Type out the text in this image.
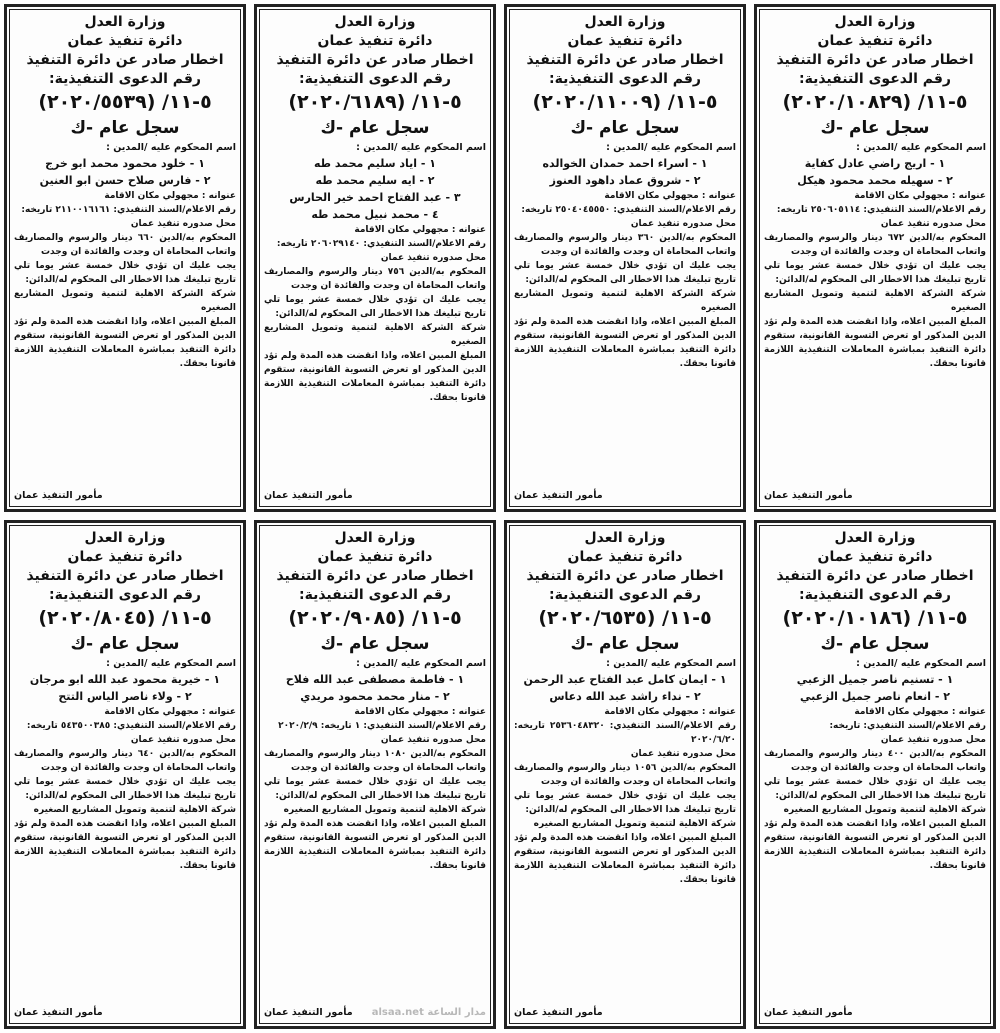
وزارة العدل
دائرة تنفيذ عمان
اخطار صادر عن دائرة التنفيذ
رقم الدعوى التنفيذية:
٥-١١/ (٢٠٢٠/١٠٨٢٩)
سجل عام -ك
اسم المحكوم عليه /المدين :
١ - اريج راضي عادل كفاية
٢ - سهيله محمد محمود هيكل
عنوانه : مجهولي مكان الاقامة
رقم الاعلام/السند التنفيذي: ٢٥٠٦٠٥١١٤ تاريخه:
محل صدوره تنفيذ عمان
المحكوم به/الدين ٦٧٢ دينار والرسوم والمصاريف واتعاب المحاماة ان وجدت والفائدة ان وجدت
يجب عليك ان تؤدي خلال خمسة عشر يوما تلي تاريخ تبليغك هذا الاخطار الى المحكوم له/الدائن:
شركة الشركة الاهلية لتنمية وتمويل المشاريع الصغيره
المبلغ المبين اعلاه، واذا انقضت هذه المدة ولم تؤد الدين المذكور او تعرض التسوية القانونية، ستقوم دائرة التنفيذ بمباشرة المعاملات التنفيذية اللازمة قانونا بحقك.
مأمور التنفيذ عمان
وزارة العدل
دائرة تنفيذ عمان
اخطار صادر عن دائرة التنفيذ
رقم الدعوى التنفيذية:
٥-١١/ (٢٠٢٠/١١٠٠٩)
سجل عام -ك
اسم المحكوم عليه /المدين :
١ - اسراء احمد حمدان الخوالده
٢ - شروق عماد داهود العنوز
عنوانه : مجهولي مكان الاقامة
رقم الاعلام/السند التنفيذي: ٢٥٠٤٠٤٥٥٥٠ تاريخه:
محل صدوره تنفيذ عمان
المحكوم به/الدين ٣٦٠ دينار والرسوم والمصاريف واتعاب المحاماة ان وجدت والفائدة ان وجدت
يجب عليك ان تؤدي خلال خمسة عشر يوما تلي تاريخ تبليغك هذا الاخطار الى المحكوم له/الدائن:
شركة الشركة الاهلية لتنمية وتمويل المشاريع الصغيره
المبلغ المبين اعلاه، واذا انقضت هذه المدة ولم تؤد الدين المذكور او تعرض التسوية القانونية، ستقوم دائرة التنفيذ بمباشرة المعاملات التنفيذية اللازمة قانونا بحقك.
مأمور التنفيذ عمان
وزارة العدل
دائرة تنفيذ عمان
اخطار صادر عن دائرة التنفيذ
رقم الدعوى التنفيذية:
٥-١١/ (٢٠٢٠/٦١٨٩)
سجل عام -ك
اسم المحكوم عليه /المدين :
١ - اياد سليم محمد طه
٢ - ايه سليم محمد طه
٣ - عبد الفتاح احمد خير الحارس
٤ - محمد نبيل محمد طه
عنوانه : مجهولي مكان الاقامة
رقم الاعلام/السند التنفيذي: ٢٠٦٠٢٩١٤٠ تاريخه:
محل صدوره تنفيذ عمان
المحكوم به/الدين ٧٥٦ دينار والرسوم والمصاريف واتعاب المحاماة ان وجدت والفائدة ان وجدت
يجب عليك ان تؤدي خلال خمسة عشر يوما تلي تاريخ تبليغك هذا الاخطار الى المحكوم له/الدائن:
شركة الشركة الاهلية لتنمية وتمويل المشاريع الصغيره
المبلغ المبين اعلاه، واذا انقضت هذه المدة ولم تؤد الدين المذكور او تعرض التسوية القانونية، ستقوم دائرة التنفيذ بمباشرة المعاملات التنفيذية اللازمة قانونا بحقك.
مأمور التنفيذ عمان
وزارة العدل
دائرة تنفيذ عمان
اخطار صادر عن دائرة التنفيذ
رقم الدعوى التنفيذية:
٥-١١/ (٢٠٢٠/٥٥٣٩)
سجل عام -ك
اسم المحكوم عليه /المدين :
١ - خلود محمود محمد ابو خرج
٢ - فارس صلاح حسن ابو العنين
عنوانه : مجهولي مكان الاقامة
رقم الاعلام/السند التنفيذي: ٢١١٠٠١٦١٦١ تاريخه:
محل صدوره تنفيذ عمان
المحكوم به/الدين ٦٦٠ دينار والرسوم والمصاريف واتعاب المحاماة ان وجدت والفائدة ان وجدت
يجب عليك ان تؤدي خلال خمسة عشر يوما تلي تاريخ تبليغك هذا الاخطار الى المحكوم له/الدائن:
شركة الشركة الاهلية لتنمية وتمويل المشاريع الصغيره
المبلغ المبين اعلاه، واذا انقضت هذه المدة ولم تؤد الدين المذكور او تعرض التسوية القانونية، ستقوم دائرة التنفيذ بمباشرة المعاملات التنفيذية اللازمة قانونا بحقك.
مأمور التنفيذ عمان
وزارة العدل
دائرة تنفيذ عمان
اخطار صادر عن دائرة التنفيذ
رقم الدعوى التنفيذية:
٥-١١/ (٢٠٢٠/١٠١٨٦)
سجل عام -ك
اسم المحكوم عليه /المدين :
١ - تسنيم ناصر جميل الزعبي
٢ - انعام ناصر جميل الزعبي
عنوانه : مجهولي مكان الاقامة
رقم الاعلام/السند التنفيذي: تاريخه:
محل صدوره تنفيذ عمان
المحكوم به/الدين ٤٠٠ دينار والرسوم والمصاريف واتعاب المحاماة ان وجدت والفائدة ان وجدت
يجب عليك ان تؤدي خلال خمسة عشر يوما تلي تاريخ تبليغك هذا الاخطار الى المحكوم له/الدائن:
شركة الاهلية لتنمية وتمويل المشاريع الصغيره
المبلغ المبين اعلاه، واذا انقضت هذه المدة ولم تؤد الدين المذكور او تعرض التسوية القانونية، ستقوم دائرة التنفيذ بمباشرة المعاملات التنفيذية اللازمة قانونا بحقك.
مأمور التنفيذ عمان
وزارة العدل
دائرة تنفيذ عمان
اخطار صادر عن دائرة التنفيذ
رقم الدعوى التنفيذية:
٥-١١/ (٢٠٢٠/٦٥٣٥)
سجل عام -ك
اسم المحكوم عليه /المدين :
١ - ايمان كامل عبد الفتاح عبد الرحمن
٢ - نداء راشد عبد الله دعاس
عنوانه : مجهولي مكان الاقامة
رقم الاعلام/السند التنفيذي: ٢٥٣٦٠٤٨٣٢٠ تاريخه: ٢٠٢٠/٦/٢٠
محل صدوره تنفيذ عمان
المحكوم به/الدين ١٠٥٦ دينار والرسوم والمصاريف واتعاب المحاماة ان وجدت والفائدة ان وجدت
يجب عليك ان تؤدي خلال خمسة عشر يوما تلي تاريخ تبليغك هذا الاخطار الى المحكوم له/الدائن:
شركة الاهلية لتنمية وتمويل المشاريع الصغيره
المبلغ المبين اعلاه، واذا انقضت هذه المدة ولم تؤد الدين المذكور او تعرض التسوية القانونية، ستقوم دائرة التنفيذ بمباشرة المعاملات التنفيذية اللازمة قانونا بحقك.
مأمور التنفيذ عمان
وزارة العدل
دائرة تنفيذ عمان
اخطار صادر عن دائرة التنفيذ
رقم الدعوى التنفيذية:
٥-١١/ (٢٠٢٠/٩٠٨٥)
سجل عام -ك
اسم المحكوم عليه /المدين :
١ - فاطمة مصطفى عبد الله فلاح
٢ - منار محمد محمود مريدي
عنوانه : مجهولي مكان الاقامة
رقم الاعلام/السند التنفيذي: ١ تاريخه: ٢٠٢٠/٢/٩
محل صدوره تنفيذ عمان
المحكوم به/الدين ١٠٨٠ دينار والرسوم والمصاريف واتعاب المحاماة ان وجدت والفائدة ان وجدت
يجب عليك ان تؤدي خلال خمسة عشر يوما تلي تاريخ تبليغك هذا الاخطار الى المحكوم له/الدائن:
شركة الاهلية لتنمية وتمويل المشاريع الصغيره
المبلغ المبين اعلاه، واذا انقضت هذه المدة ولم تؤد الدين المذكور او تعرض التسوية القانونية، ستقوم دائرة التنفيذ بمباشرة المعاملات التنفيذية اللازمة قانونا بحقك.
مدار الساعة alsaa.net
مأمور التنفيذ عمان
وزارة العدل
دائرة تنفيذ عمان
اخطار صادر عن دائرة التنفيذ
رقم الدعوى التنفيذية:
٥-١١/ (٢٠٢٠/٨٠٤٥)
سجل عام -ك
اسم المحكوم عليه /المدين :
١ - خيرية محمود عبد الله ابو مرجان
٢ - ولاء ناصر الياس التتح
عنوانه : مجهولي مكان الاقامة
رقم الاعلام/السند التنفيذي: ٥٤٣٥٠٠٣٨٥ تاريخه:
محل صدوره تنفيذ عمان
المحكوم به/الدين ٦٤٠ دينار والرسوم والمصاريف واتعاب المحاماة ان وجدت والفائدة ان وجدت
يجب عليك ان تؤدي خلال خمسة عشر يوما تلي تاريخ تبليغك هذا الاخطار الى المحكوم له/الدائن:
شركة الاهلية لتنمية وتمويل المشاريع الصغيره
المبلغ المبين اعلاه، واذا انقضت هذه المدة ولم تؤد الدين المذكور او تعرض التسوية القانونية، ستقوم دائرة التنفيذ بمباشرة المعاملات التنفيذية اللازمة قانونا بحقك.
مأمور التنفيذ عمان
